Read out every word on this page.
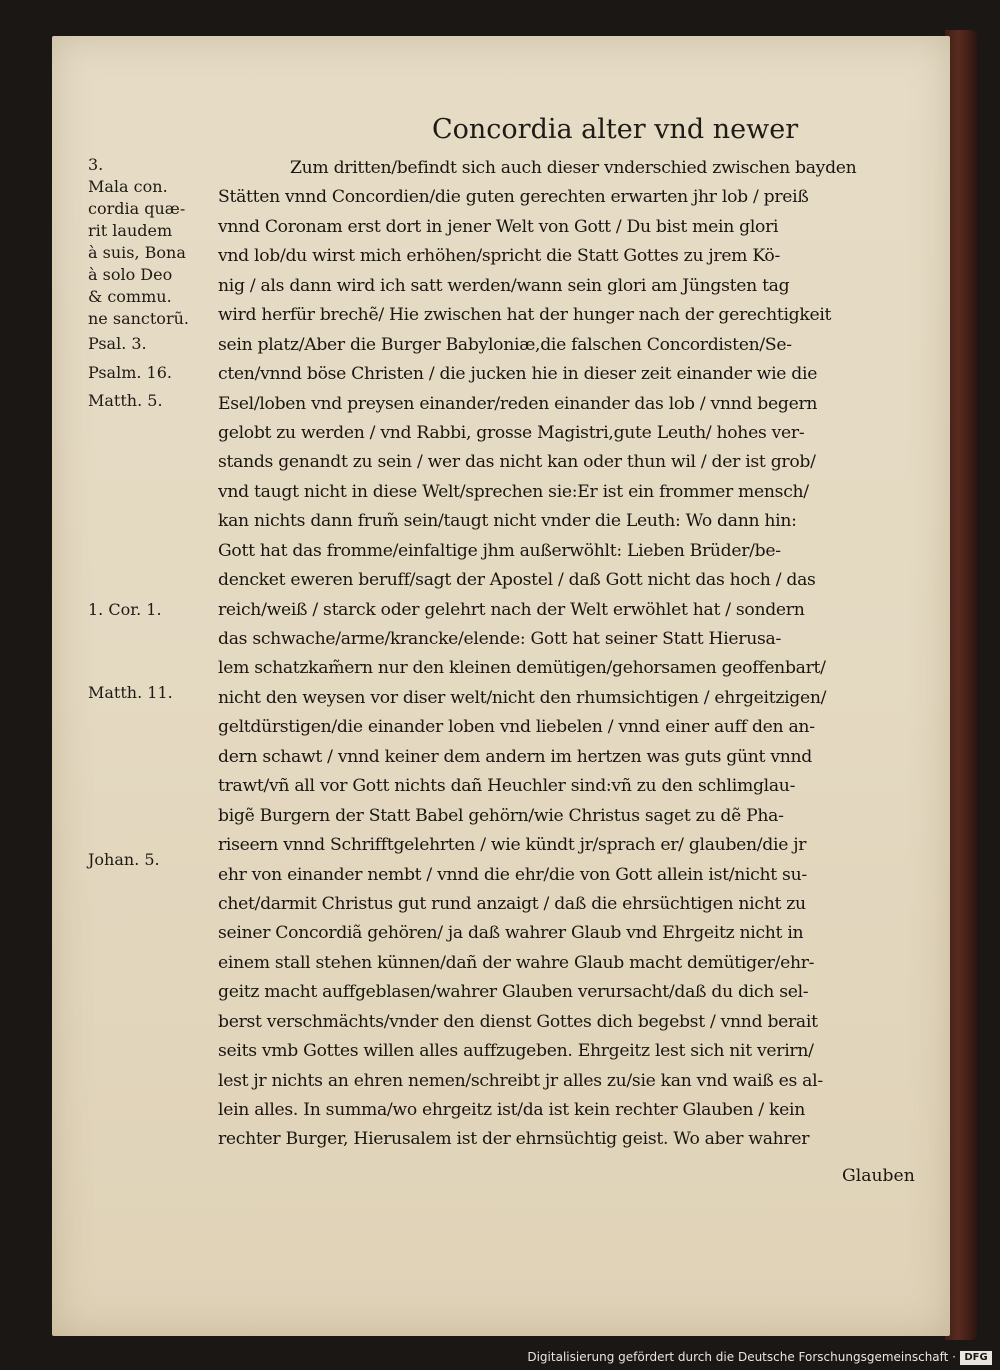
Concordia alter vnd newer
3.
Mala con.
cordia quæ-
rit laudem
à suis, Bona
à solo Deo
& commu.
ne sanctorũ.
Psal. 3.
Psalm. 16.
Matth. 5.
1. Cor. 1.
Matth. 11.
Johan. 5.
Zum dritten/befindt sich auch dieser vnderschied zwischen bayden
Stätten vnnd Concordien/die guten gerechten erwarten jhr lob / preiß
vnnd Coronam erst dort in jener Welt von Gott / Du bist mein glori
vnd lob/du wirst mich erhöhen/spricht die Statt Gottes zu jrem Kö-
nig / als dann wird ich satt werden/wann sein glori am Jüngsten tag
wird herfür brechẽ/ Hie zwischen hat der hunger nach der gerechtigkeit
sein platz/Aber die Burger Babyloniæ,die falschen Concordisten/Se-
cten/vnnd böse Christen / die jucken hie in dieser zeit einander wie die
Esel/loben vnd preysen einander/reden einander das lob / vnnd begern
gelobt zu werden / vnd Rabbi, grosse Magistri,gute Leuth/ hohes ver-
stands genandt zu sein / wer das nicht kan oder thun wil / der ist grob/
vnd taugt nicht in diese Welt/sprechen sie:Er ist ein frommer mensch/
kan nichts dann frum̃ sein/taugt nicht vnder die Leuth: Wo dann hin:
Gott hat das fromme/einfaltige jhm außerwöhlt: Lieben Brüder/be-
dencket eweren beruff/sagt der Apostel / daß Gott nicht das hoch / das
reich/weiß / starck oder gelehrt nach der Welt erwöhlet hat / sondern
das schwache/arme/krancke/elende: Gott hat seiner Statt Hierusa-
lem schatzkam̃ern nur den kleinen demütigen/gehorsamen geoffenbart/
nicht den weysen vor diser welt/nicht den rhumsichtigen / ehrgeitzigen/
geltdürstigen/die einander loben vnd liebelen / vnnd einer auff den an-
dern schawt / vnnd keiner dem andern im hertzen was guts günt vnnd
trawt/vñ all vor Gott nichts dañ Heuchler sind:vñ zu den schlimglau-
bigẽ Burgern der Statt Babel gehörn/wie Christus saget zu dẽ Pha-
riseern vnnd Schrifftgelehrten / wie kündt jr/sprach er/ glauben/die jr
ehr von einander nembt / vnnd die ehr/die von Gott allein ist/nicht su-
chet/darmit Christus gut rund anzaigt / daß die ehrsüchtigen nicht zu
seiner Concordiã gehören/ ja daß wahrer Glaub vnd Ehrgeitz nicht in
einem stall stehen künnen/dañ der wahre Glaub macht demütiger/ehr-
geitz macht auffgeblasen/wahrer Glauben verursacht/daß du dich sel-
berst verschmächts/vnder den dienst Gottes dich begebst / vnnd berait
seits vmb Gottes willen alles auffzugeben. Ehrgeitz lest sich nit verirn/
lest jr nichts an ehren nemen/schreibt jr alles zu/sie kan vnd waiß es al-
lein alles. In summa/wo ehrgeitz ist/da ist kein rechter Glauben / kein
rechter Burger, Hierusalem ist der ehrnsüchtig geist. Wo aber wahrer
Glauben
Digitalisierung gefördert durch die Deutsche Forschungsgemeinschaft · DFG
